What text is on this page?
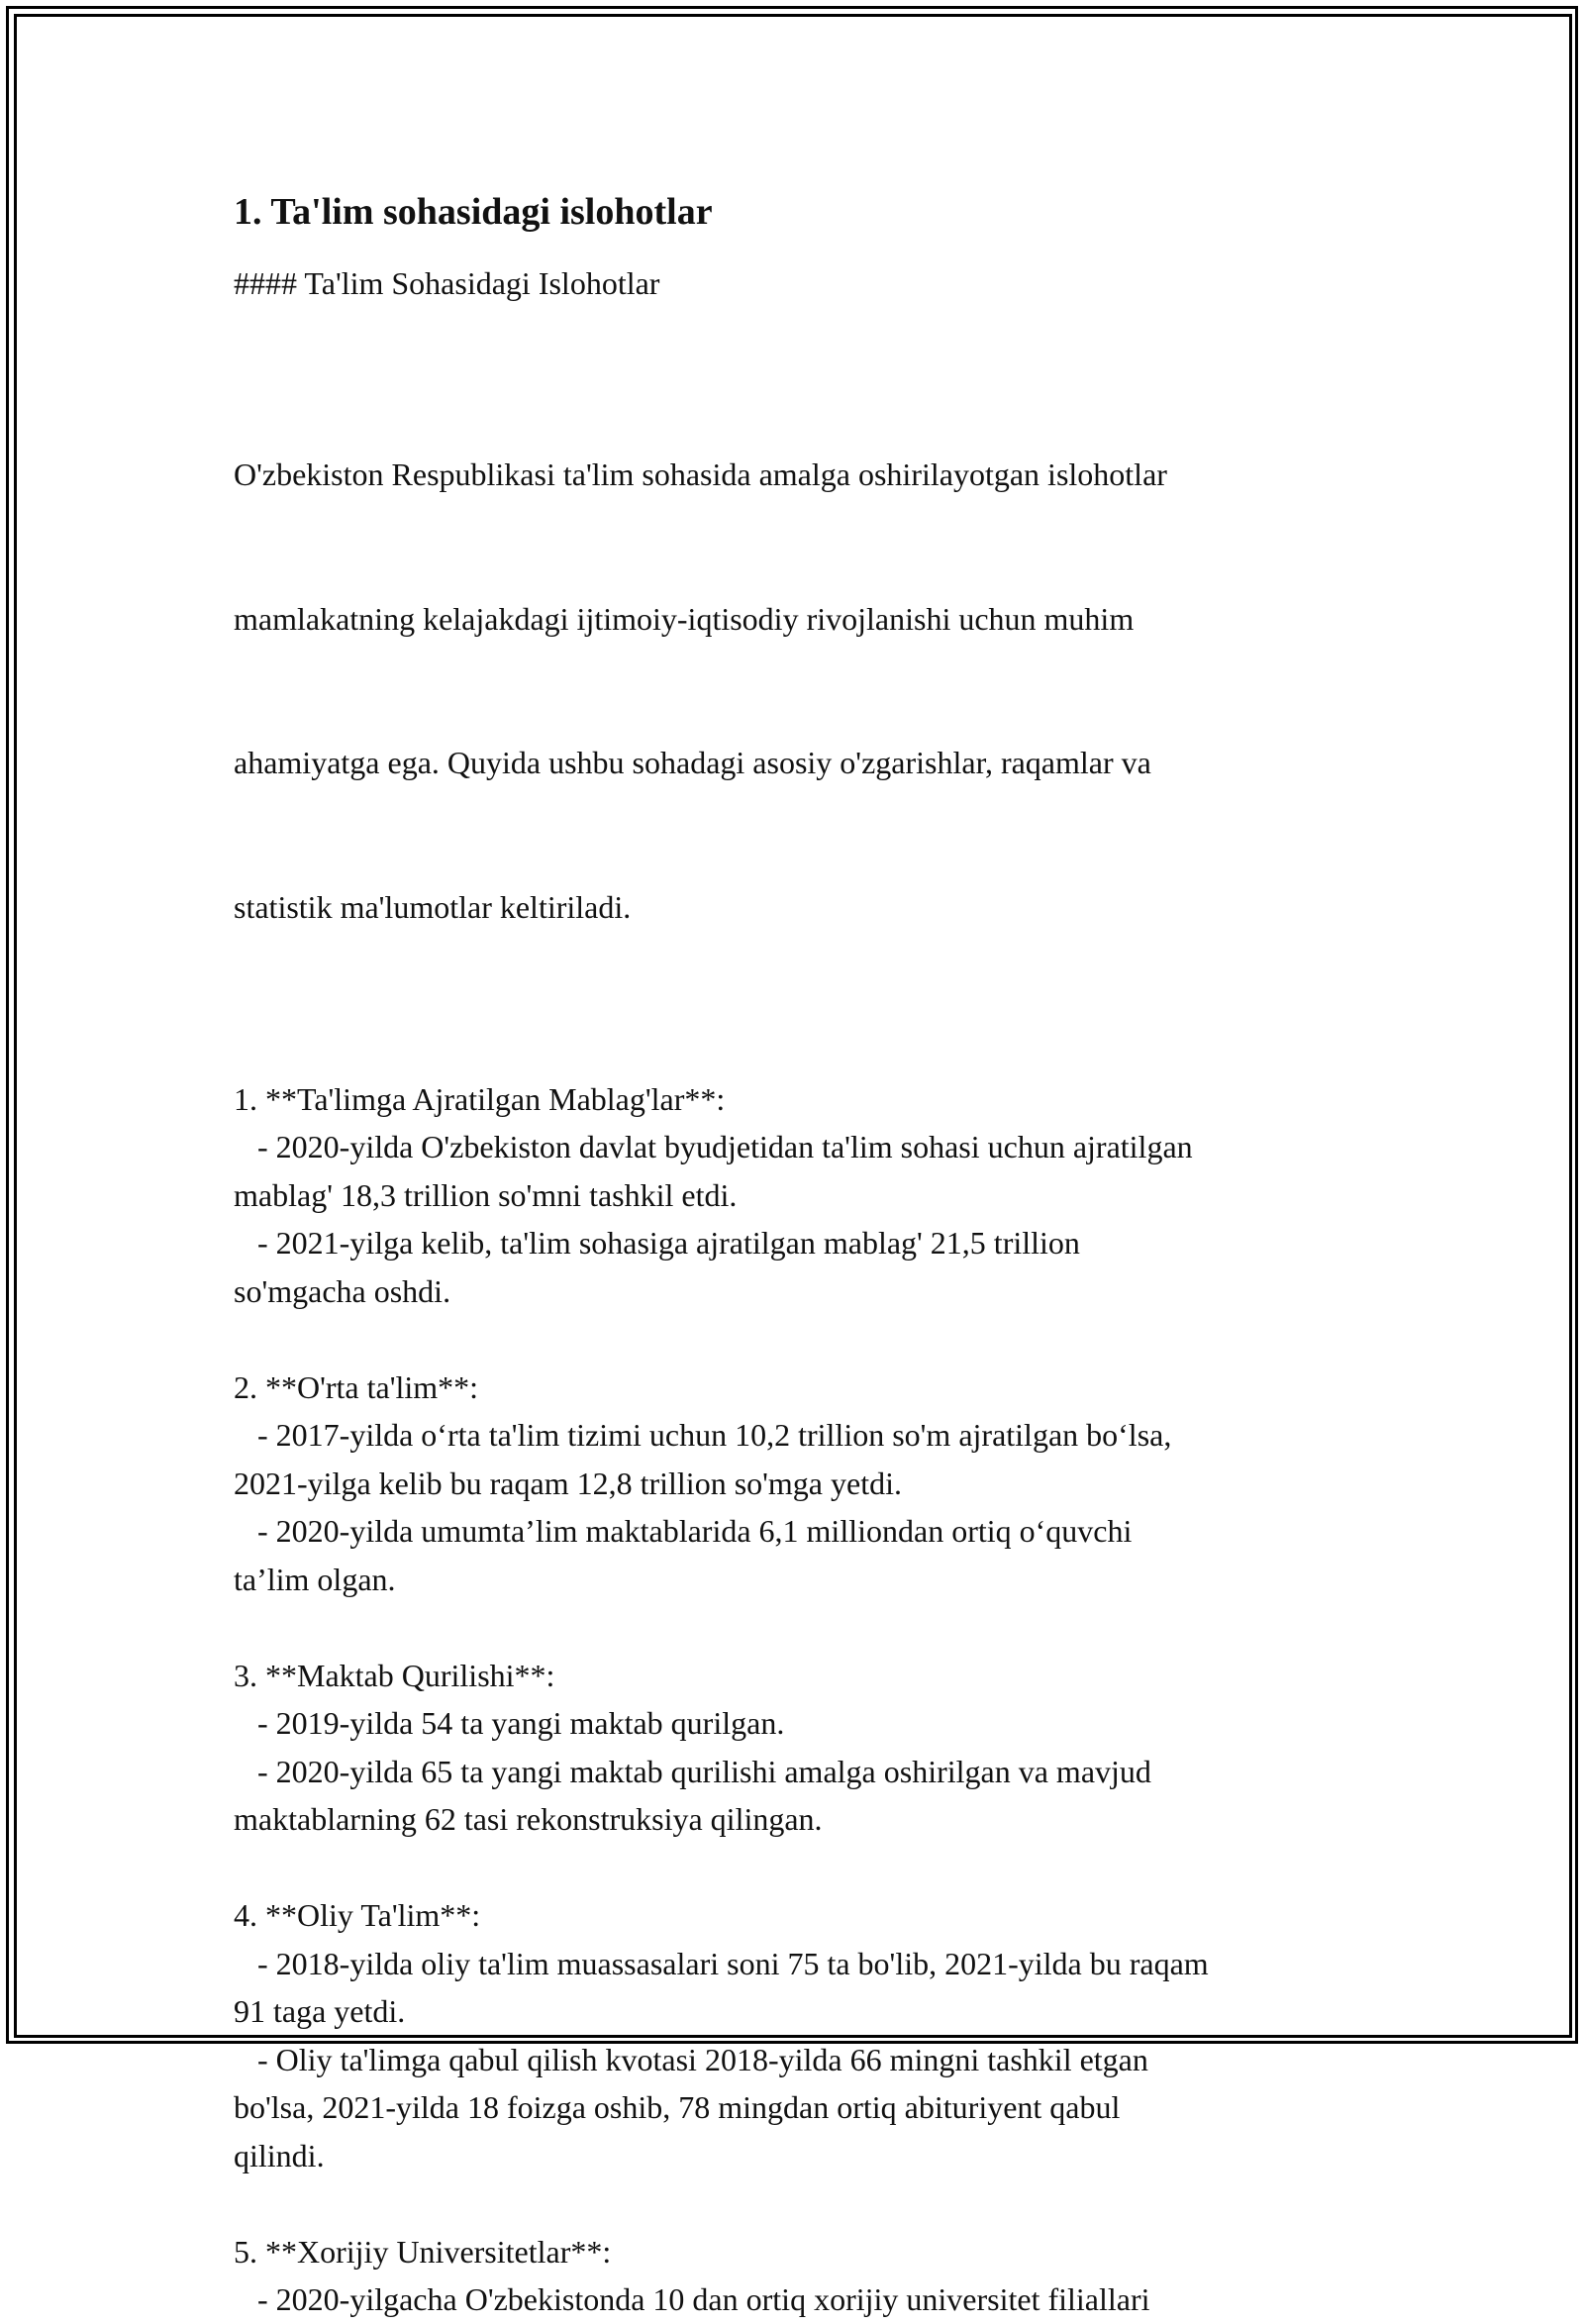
1. Ta'lim sohasidagi islohotlar
#### Ta'lim Sohasidagi Islohotlar

O'zbekiston Respublikasi ta'lim sohasida amalga oshirilayotgan islohotlar

mamlakatning kelajakdagi ijtimoiy-iqtisodiy rivojlanishi uchun muhim

ahamiyatga ega. Quyida ushbu sohadagi asosiy o'zgarishlar, raqamlar va

statistik ma'lumotlar keltiriladi.

1. **Ta'limga Ajratilgan Mablag'lar**:
- 2020-yilda O'zbekiston davlat byudjetidan ta'lim sohasi uchun ajratilgan
mablag' 18,3 trillion so'mni tashkil etdi.
- 2021-yilga kelib, ta'lim sohasiga ajratilgan mablag' 21,5 trillion
so'mgacha oshdi.
2. **O'rta ta'lim**:
- 2017-yilda o‘rta ta'lim tizimi uchun 10,2 trillion so'm ajratilgan bo‘lsa,
2021-yilga kelib bu raqam 12,8 trillion so'mga yetdi.
- 2020-yilda umumta’lim maktablarida 6,1 milliondan ortiq o‘quvchi
ta’lim olgan.
3. **Maktab Qurilishi**:
- 2019-yilda 54 ta yangi maktab qurilgan.
- 2020-yilda 65 ta yangi maktab qurilishi amalga oshirilgan va mavjud
maktablarning 62 tasi rekonstruksiya qilingan.
4. **Oliy Ta'lim**:
- 2018-yilda oliy ta'lim muassasalari soni 75 ta bo'lib, 2021-yilda bu raqam
91 taga yetdi.
- Oliy ta'limga qabul qilish kvotasi 2018-yilda 66 mingni tashkil etgan
bo'lsa, 2021-yilda 18 foizga oshib, 78 mingdan ortiq abituriyent qabul
qilindi.
5. **Xorijiy Universitetlar**:
- 2020-yilgacha O'zbekistonda 10 dan ortiq xorijiy universitet filiallari
